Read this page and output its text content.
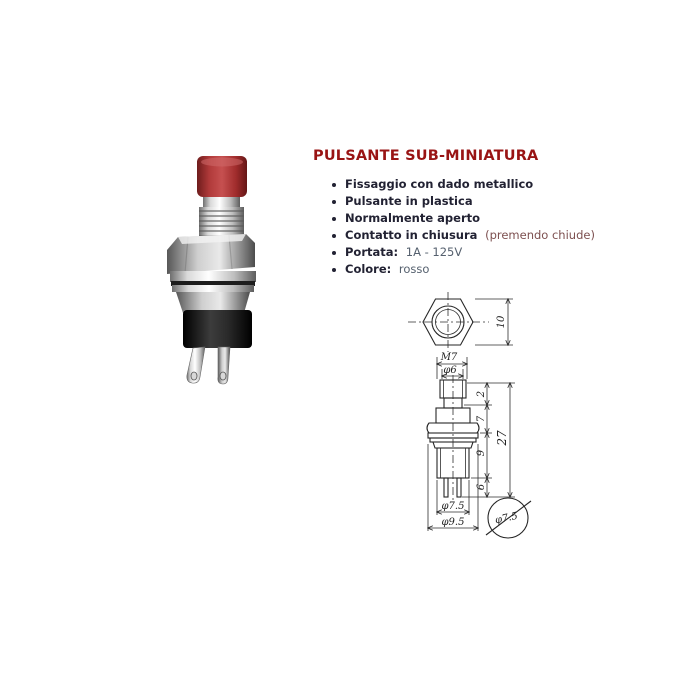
PULSANTE SUB-MINIATURA
Fissaggio con dado metallico
Pulsante in plastica
Normalmente aperto
Contatto in chiusura (premendo chiude)
Portata: 1A - 125V
Colore: rosso
10
M7
φ6
2
7
9
6
27
φ7.5
φ9.5	φ7.5
